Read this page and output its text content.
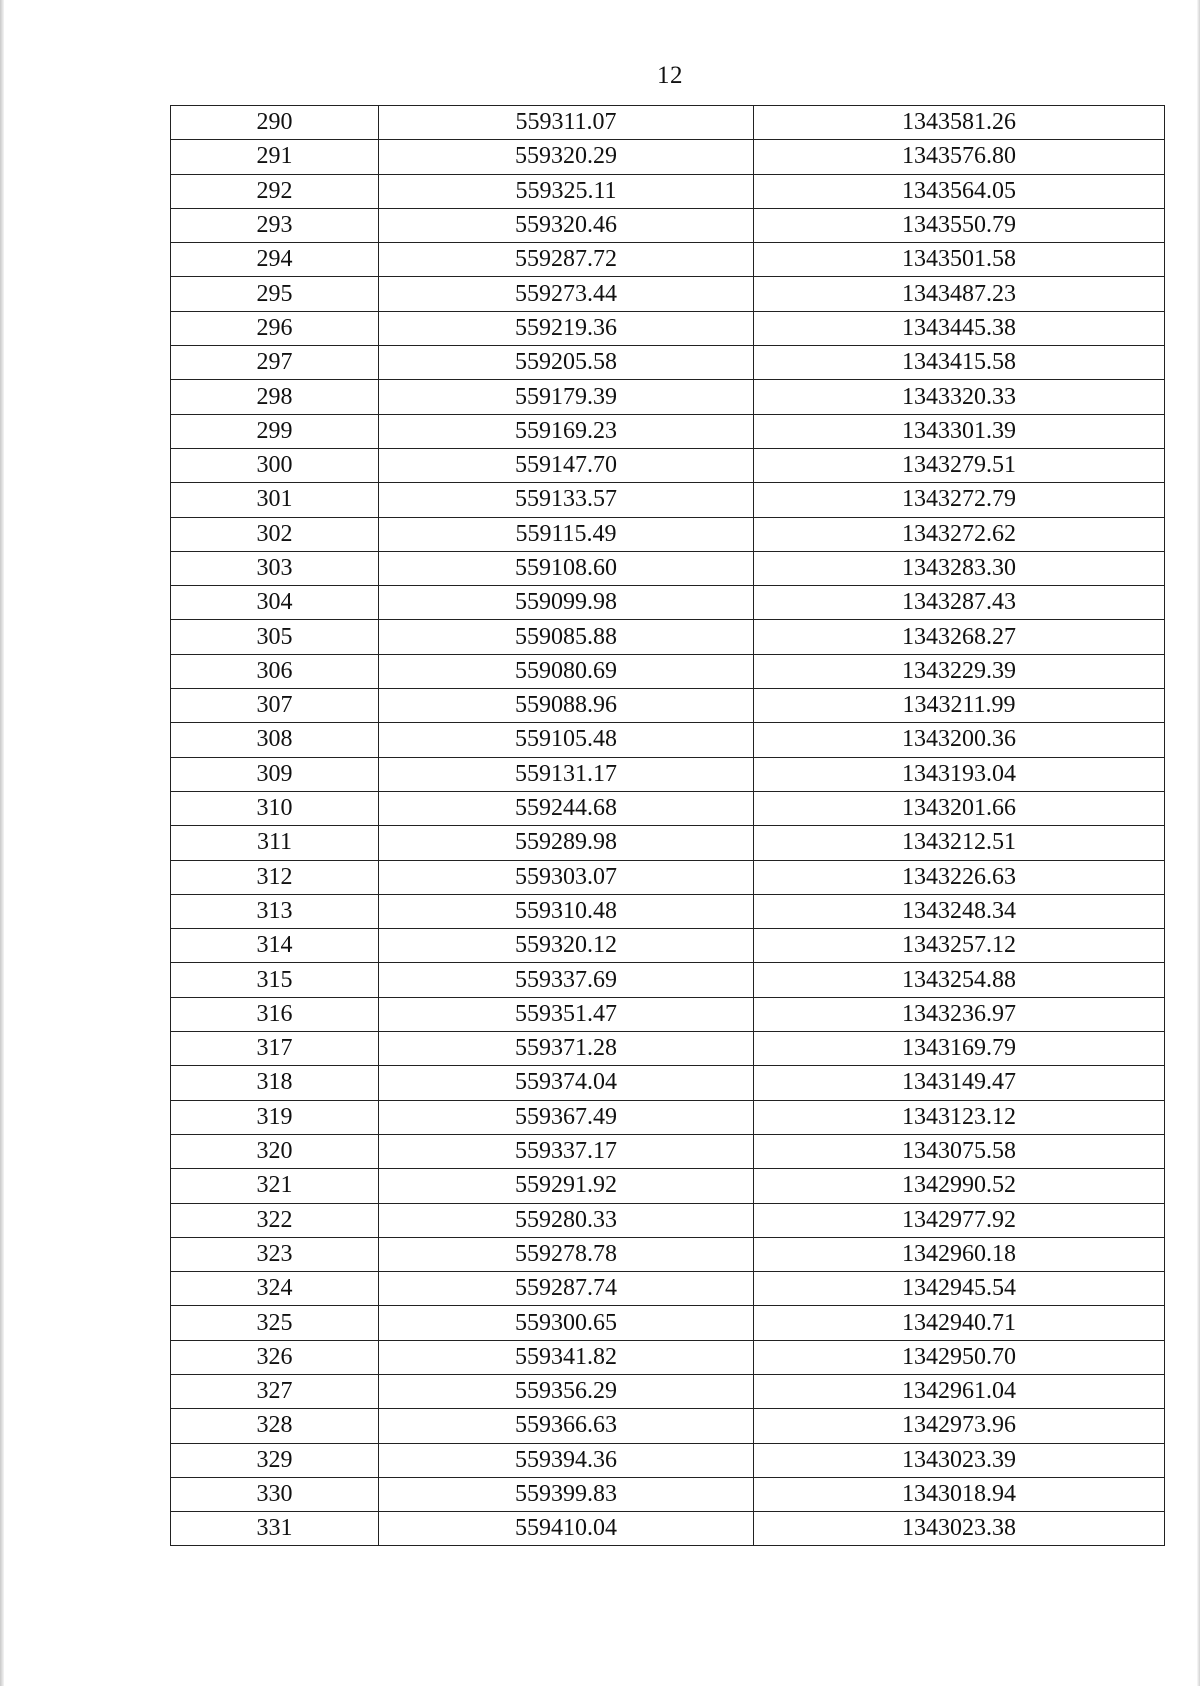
12
290	559311.07	1343581.26
291	559320.29	1343576.80
292	559325.11	1343564.05
293	559320.46	1343550.79
294	559287.72	1343501.58
295	559273.44	1343487.23
296	559219.36	1343445.38
297	559205.58	1343415.58
298	559179.39	1343320.33
299	559169.23	1343301.39
300	559147.70	1343279.51
301	559133.57	1343272.79
302	559115.49	1343272.62
303	559108.60	1343283.30
304	559099.98	1343287.43
305	559085.88	1343268.27
306	559080.69	1343229.39
307	559088.96	1343211.99
308	559105.48	1343200.36
309	559131.17	1343193.04
310	559244.68	1343201.66
311	559289.98	1343212.51
312	559303.07	1343226.63
313	559310.48	1343248.34
314	559320.12	1343257.12
315	559337.69	1343254.88
316	559351.47	1343236.97
317	559371.28	1343169.79
318	559374.04	1343149.47
319	559367.49	1343123.12
320	559337.17	1343075.58
321	559291.92	1342990.52
322	559280.33	1342977.92
323	559278.78	1342960.18
324	559287.74	1342945.54
325	559300.65	1342940.71
326	559341.82	1342950.70
327	559356.29	1342961.04
328	559366.63	1342973.96
329	559394.36	1343023.39
330	559399.83	1343018.94
331	559410.04	1343023.38
